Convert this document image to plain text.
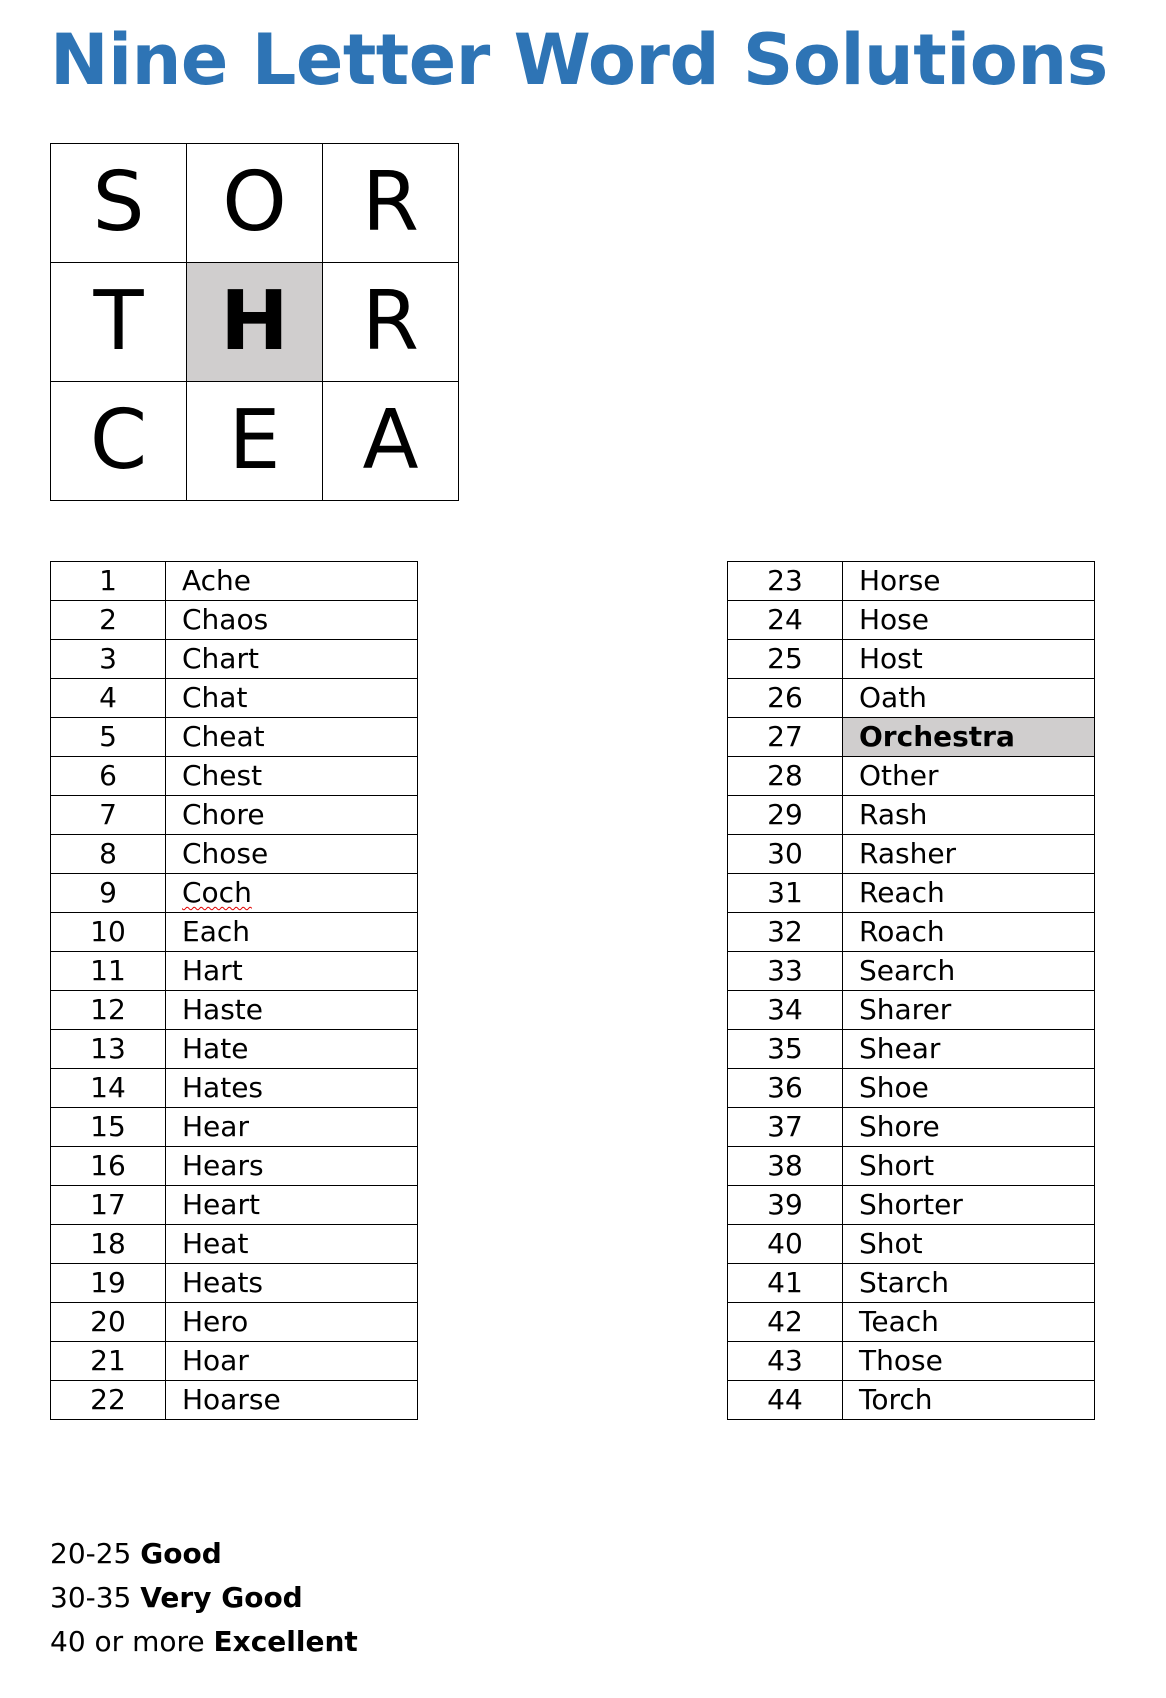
Nine Letter Word Solutions
S	O	R
T	H	R
C	E	A
1	Ache
2	Chaos
3	Chart
4	Chat
5	Cheat
6	Chest
7	Chore
8	Chose
9	Coch
10	Each
11	Hart
12	Haste
13	Hate
14	Hates
15	Hear
16	Hears
17	Heart
18	Heat
19	Heats
20	Hero
21	Hoar
22	Hoarse
23	Horse
24	Hose
25	Host
26	Oath
27	Orchestra
28	Other
29	Rash
30	Rasher
31	Reach
32	Roach
33	Search
34	Sharer
35	Shear
36	Shoe
37	Shore
38	Short
39	Shorter
40	Shot
41	Starch
42	Teach
43	Those
44	Torch
20-25 Good
30-35 Very Good
40 or more Excellent
